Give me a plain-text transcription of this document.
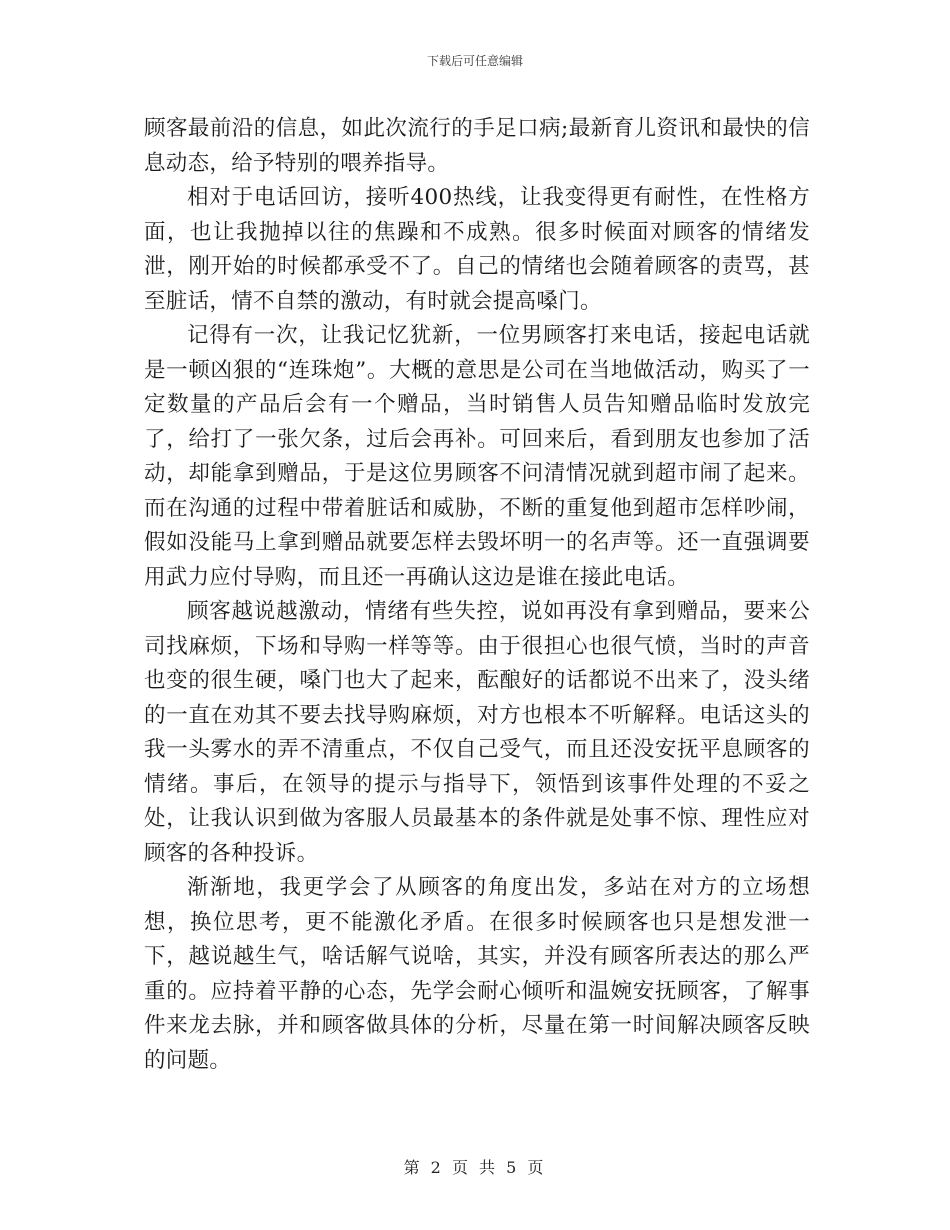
下载后可任意编辑

顾客最前沿的信息，如此次流行的手足口病;最新育儿资讯和最快的信息动态，给予特别的喂养指导。

相对于电话回访，接听400热线，让我变得更有耐性，在性格方面，也让我抛掉以往的焦躁和不成熟。很多时候面对顾客的情绪发泄，刚开始的时候都承受不了。自己的情绪也会随着顾客的责骂，甚至脏话，情不自禁的激动，有时就会提高嗓门。

记得有一次，让我记忆犹新，一位男顾客打来电话，接起电话就是一顿凶狠的“连珠炮”。大概的意思是公司在当地做活动，购买了一定数量的产品后会有一个赠品，当时销售人员告知赠品临时发放完了，给打了一张欠条，过后会再补。可回来后，看到朋友也参加了活动，却能拿到赠品，于是这位男顾客不问清情况就到超市闹了起来。而在沟通的过程中带着脏话和威胁，不断的重复他到超市怎样吵闹，假如没能马上拿到赠品就要怎样去毁坏明一的名声等。还一直强调要用武力应付导购，而且还一再确认这边是谁在接此电话。

顾客越说越激动，情绪有些失控，说如再没有拿到赠品，要来公司找麻烦，下场和导购一样等等。由于很担心也很气愤，当时的声音也变的很生硬，嗓门也大了起来，酝酿好的话都说不出来了，没头绪的一直在劝其不要去找导购麻烦，对方也根本不听解释。电话这头的我一头雾水的弄不清重点，不仅自己受气，而且还没安抚平息顾客的情绪。事后，在领导的提示与指导下，领悟到该事件处理的不妥之处，让我认识到做为客服人员最基本的条件就是处事不惊、理性应对顾客的各种投诉。

渐渐地，我更学会了从顾客的角度出发，多站在对方的立场想想，换位思考，更不能激化矛盾。在很多时候顾客也只是想发泄一下，越说越生气，啥话解气说啥，其实，并没有顾客所表达的那么严重的。应持着平静的心态，先学会耐心倾听和温婉安抚顾客，了解事件来龙去脉，并和顾客做具体的分析，尽量在第一时间解决顾客反映的问题。

第 2 页 共 5 页
